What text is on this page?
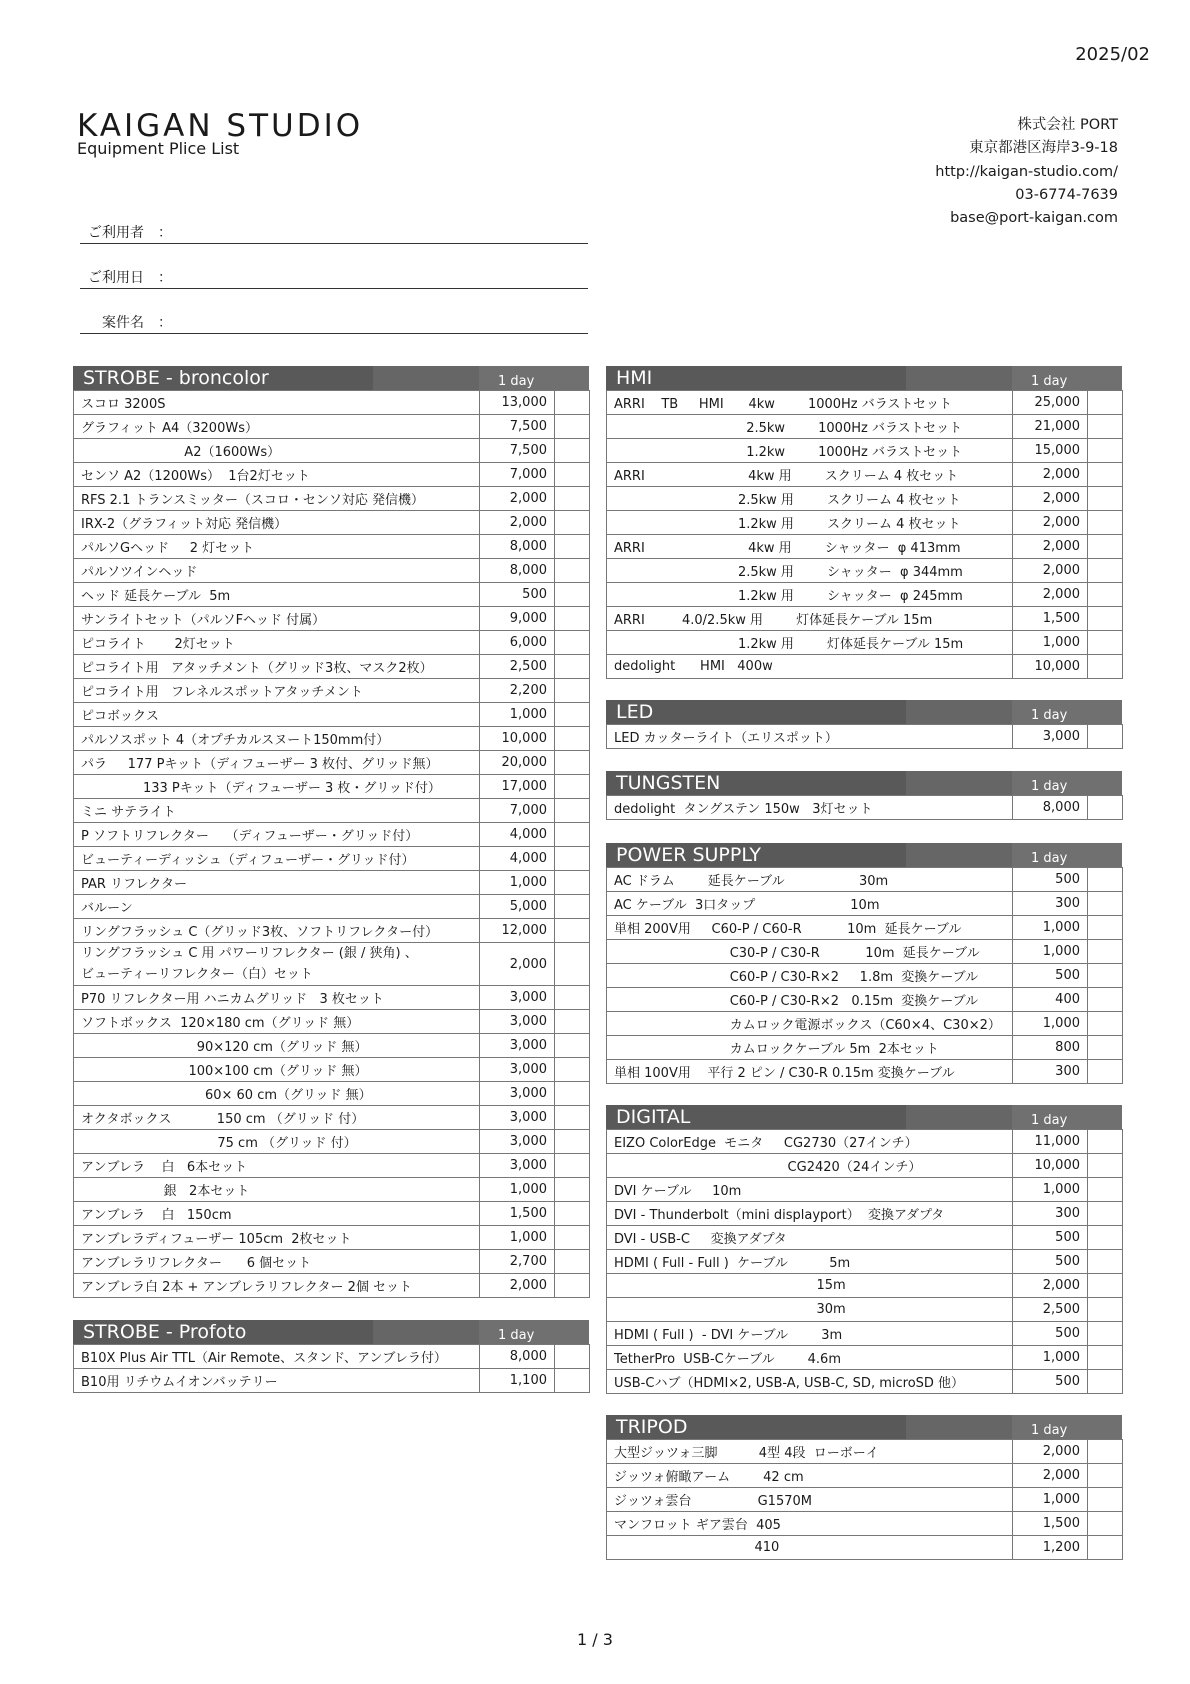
2025/02
KAIGAN STUDIO
Equipment Plice List
株式会社 PORT
東京都港区海岸3-9-18
http://kaigan-studio.com/
03-6774-7639
base@port-kaigan.com
ご利用者　：
ご利用日　：
　案件名　：
STROBE - broncolor	1 day
スコロ 3200S	13,000	
グラフィット A4（3200Ws）	7,500	
A2（1600Ws）	7,500	
センソ A2（1200Ws）  1台2灯セット	7,000	
RFS 2.1 トランスミッター（スコロ・センソ対応 発信機）	2,000	
IRX-2（グラフィット対応 発信機）	2,000	
パルソGヘッド     2 灯セット	8,000	
パルソツインヘッド	8,000	
ヘッド 延長ケーブル  5m	500	
サンライトセット（パルソFヘッド 付属）	9,000	
ピコライト       2灯セット	6,000	
ピコライト用   アタッチメント（グリッド3枚、マスク2枚）	2,500	
ピコライト用   フレネルスポットアタッチメント	2,200	
ピコボックス	1,000	
パルソスポット 4（オプチカルスヌート150mm付）	10,000	
パラ     177 Pキット（ディフューザー 3 枚付、グリッド無）	20,000	
133 Pキット（ディフューザー 3 枚・グリッド付）	17,000	
ミニ サテライト	7,000	
P ソフトリフレクター    （ディフューザー・グリッド付）	4,000	
ビューティーディッシュ（ディフューザー・グリッド付）	4,000	
PAR リフレクター	1,000	
バルーン	5,000	
リングフラッシュ C（グリッド3枚、ソフトリフレクター付）	12,000	

リングフラッシュ C 用 パワーリフレクター (銀 / 狭角) 、
ビューティーリフレクター（白）セット	2,000	
P70 リフレクター用 ハニカムグリッド   3 枚セット	3,000	
ソフトボックス  120×180 cm（グリッド 無）	3,000	
90×120 cm（グリッド 無）	3,000	
100×100 cm（グリッド 無）	3,000	
60× 60 cm（グリッド 無）	3,000	
オクタボックス           150 cm （グリッド 付）	3,000	
75 cm （グリッド 付）	3,000	
アンブレラ    白   6本セット	3,000	
銀   2本セット	1,000	
アンブレラ    白   150cm	1,500	
アンブレラディフューザー 105cm  2枚セット	1,000	
アンブレラリフレクター      6 個セット	2,700	
アンブレラ白 2本 + アンブレラリフレクター 2個 セット	2,000	
STROBE - Profoto	1 day
B10X Plus Air TTL（Air Remote、スタンド、アンブレラ付）	8,000	
B10用 リチウムイオンバッテリー	1,100	
HMI	1 day
ARRI    TB     HMI      4kw        1000Hz バラストセット	25,000	
2.5kw        1000Hz バラストセット	21,000	
1.2kw        1000Hz バラストセット	15,000	
ARRI                         4kw 用        スクリーム 4 枚セット	2,000	
2.5kw 用        スクリーム 4 枚セット	2,000	
1.2kw 用        スクリーム 4 枚セット	2,000	
ARRI                         4kw 用        シャッター  φ 413mm	2,000	
2.5kw 用        シャッター  φ 344mm	2,000	
1.2kw 用        シャッター  φ 245mm	2,000	
ARRI         4.0/2.5kw 用        灯体延長ケーブル 15m	1,500	
1.2kw 用        灯体延長ケーブル 15m	1,000	
dedolight      HMI   400w	10,000	
LED	1 day
LED カッターライト（エリスポット）	3,000	
TUNGSTEN	1 day
dedolight  タングステン 150w   3灯セット	8,000	
POWER SUPPLY	1 day
AC ドラム        延長ケーブル                  30m	500	
AC ケーブル  3口タップ                       10m	300	
単相 200V用     C60-P / C60-R           10m  延長ケーブル	1,000	
C30-P / C30-R           10m  延長ケーブル	1,000	
C60-P / C30-R×2     1.8m  変換ケーブル	500	
C60-P / C30-R×2   0.15m  変換ケーブル	400	
カムロック電源ボックス（C60×4、C30×2）	1,000	
カムロックケーブル 5m  2本セット	800	
単相 100V用    平行 2 ピン / C30-R 0.15m 変換ケーブル	300	
DIGITAL	1 day
EIZO ColorEdge  モニタ     CG2730（27インチ）	11,000	
CG2420（24インチ）	10,000	
DVI ケーブル     10m	1,000	
DVI - Thunderbolt（mini displayport）  変換アダプタ	300	
DVI - USB-C     変換アダプタ	500	
HDMI ( Full - Full )  ケーブル          5m	500	
15m	2,000	
30m	2,500	
HDMI ( Full )  - DVI ケーブル        3m	500	
TetherPro  USB-Cケーブル        4.6m	1,000	
USB-Cハブ（HDMI×2, USB-A, USB-C, SD, microSD 他）	500	
TRIPOD	1 day
大型ジッツォ三脚          4型 4段  ローボーイ	2,000	
ジッツォ俯瞰アーム        42 cm	2,000	
ジッツォ雲台                G1570M	1,000	
マンフロット ギア雲台  405	1,500	
410	1,200	
1 / 3
